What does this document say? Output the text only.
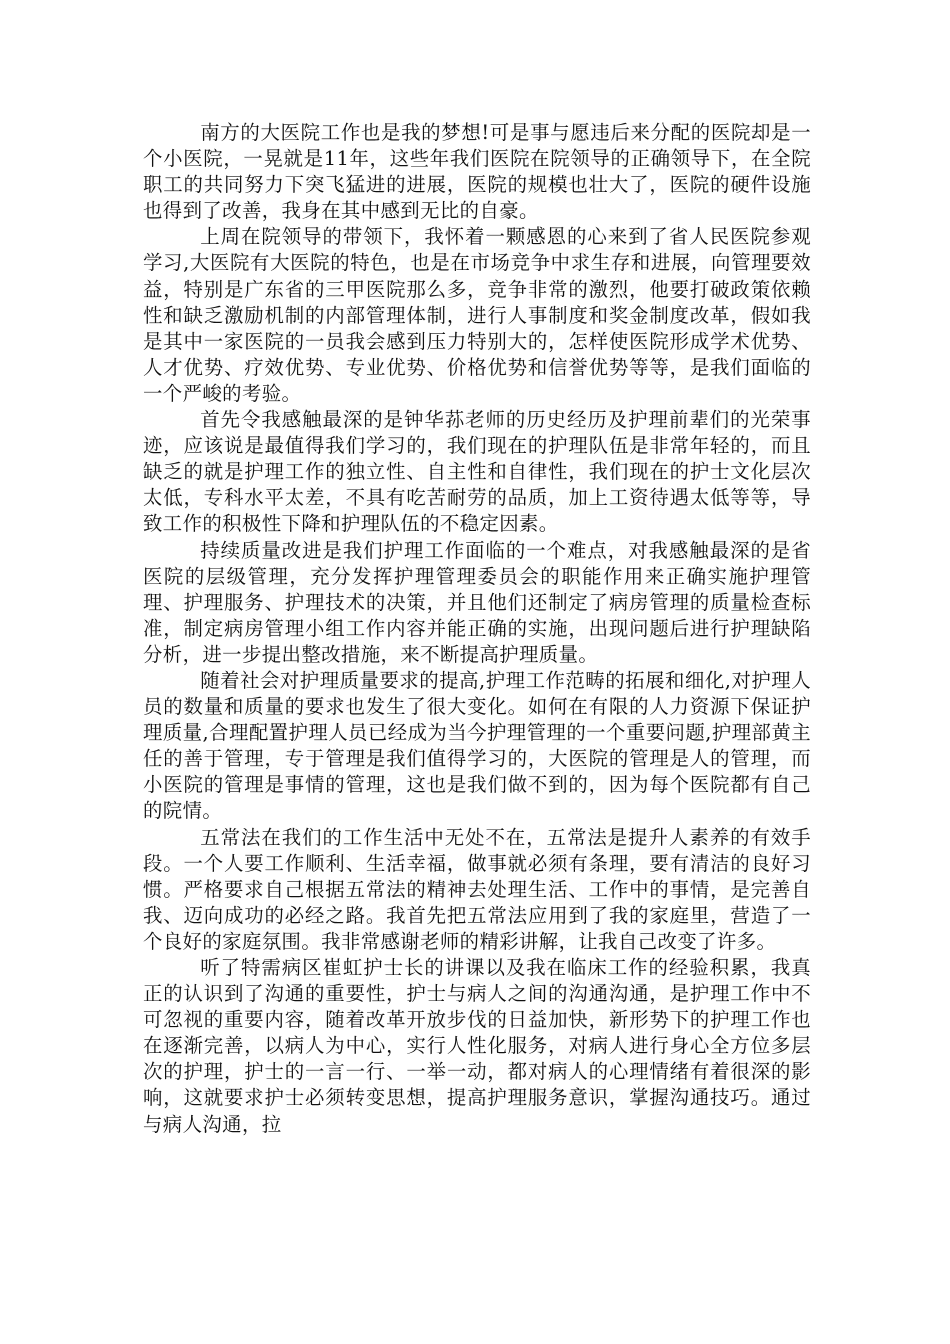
南方的大医院工作也是我的梦想!可是事与愿违后来分配的医院却是一个小医院，一晃就是11年，这些年我们医院在院领导的正确领导下，在全院职工的共同努力下突飞猛进的进展，医院的规模也壮大了，医院的硬件设施也得到了改善，我身在其中感到无比的自豪。

上周在院领导的带领下，我怀着一颗感恩的心来到了省人民医院参观学习,大医院有大医院的特色，也是在市场竞争中求生存和进展，向管理要效益，特别是广东省的三甲医院那么多，竞争非常的激烈，他要打破政策依赖性和缺乏激励机制的内部管理体制，进行人事制度和奖金制度改革，假如我是其中一家医院的一员我会感到压力特别大的，怎样使医院形成学术优势、人才优势、疗效优势、专业优势、价格优势和信誉优势等等，是我们面临的一个严峻的考验。

首先令我感触最深的是钟华荪老师的历史经历及护理前辈们的光荣事迹，应该说是最值得我们学习的，我们现在的护理队伍是非常年轻的，而且缺乏的就是护理工作的独立性、自主性和自律性，我们现在的护士文化层次太低，专科水平太差，不具有吃苦耐劳的品质，加上工资待遇太低等等，导致工作的积极性下降和护理队伍的不稳定因素。

持续质量改进是我们护理工作面临的一个难点，对我感触最深的是省医院的层级管理，充分发挥护理管理委员会的职能作用来正确实施护理管理、护理服务、护理技术的决策，并且他们还制定了病房管理的质量检查标准，制定病房管理小组工作内容并能正确的实施，出现问题后进行护理缺陷分析，进一步提出整改措施，来不断提高护理质量。

随着社会对护理质量要求的提高,护理工作范畴的拓展和细化,对护理人员的数量和质量的要求也发生了很大变化。如何在有限的人力资源下保证护理质量,合理配置护理人员已经成为当今护理管理的一个重要问题,护理部黄主任的善于管理，专于管理是我们值得学习的，大医院的管理是人的管理，而小医院的管理是事情的管理，这也是我们做不到的，因为每个医院都有自己的院情。

五常法在我们的工作生活中无处不在，五常法是提升人素养的有效手段。一个人要工作顺利、生活幸福，做事就必须有条理，要有清洁的良好习惯。严格要求自己根据五常法的精神去处理生活、工作中的事情，是完善自我、迈向成功的必经之路。我首先把五常法应用到了我的家庭里，营造了一个良好的家庭氛围。我非常感谢老师的精彩讲解，让我自己改变了许多。

听了特需病区崔虹护士长的讲课以及我在临床工作的经验积累，我真正的认识到了沟通的重要性，护士与病人之间的沟通沟通，是护理工作中不可忽视的重要内容，随着改革开放步伐的日益加快，新形势下的护理工作也在逐渐完善，以病人为中心，实行人性化服务，对病人进行身心全方位多层次的护理，护士的一言一行、一举一动，都对病人的心理情绪有着很深的影响，这就要求护士必须转变思想，提高护理服务意识，掌握沟通技巧。通过与病人沟通，拉
